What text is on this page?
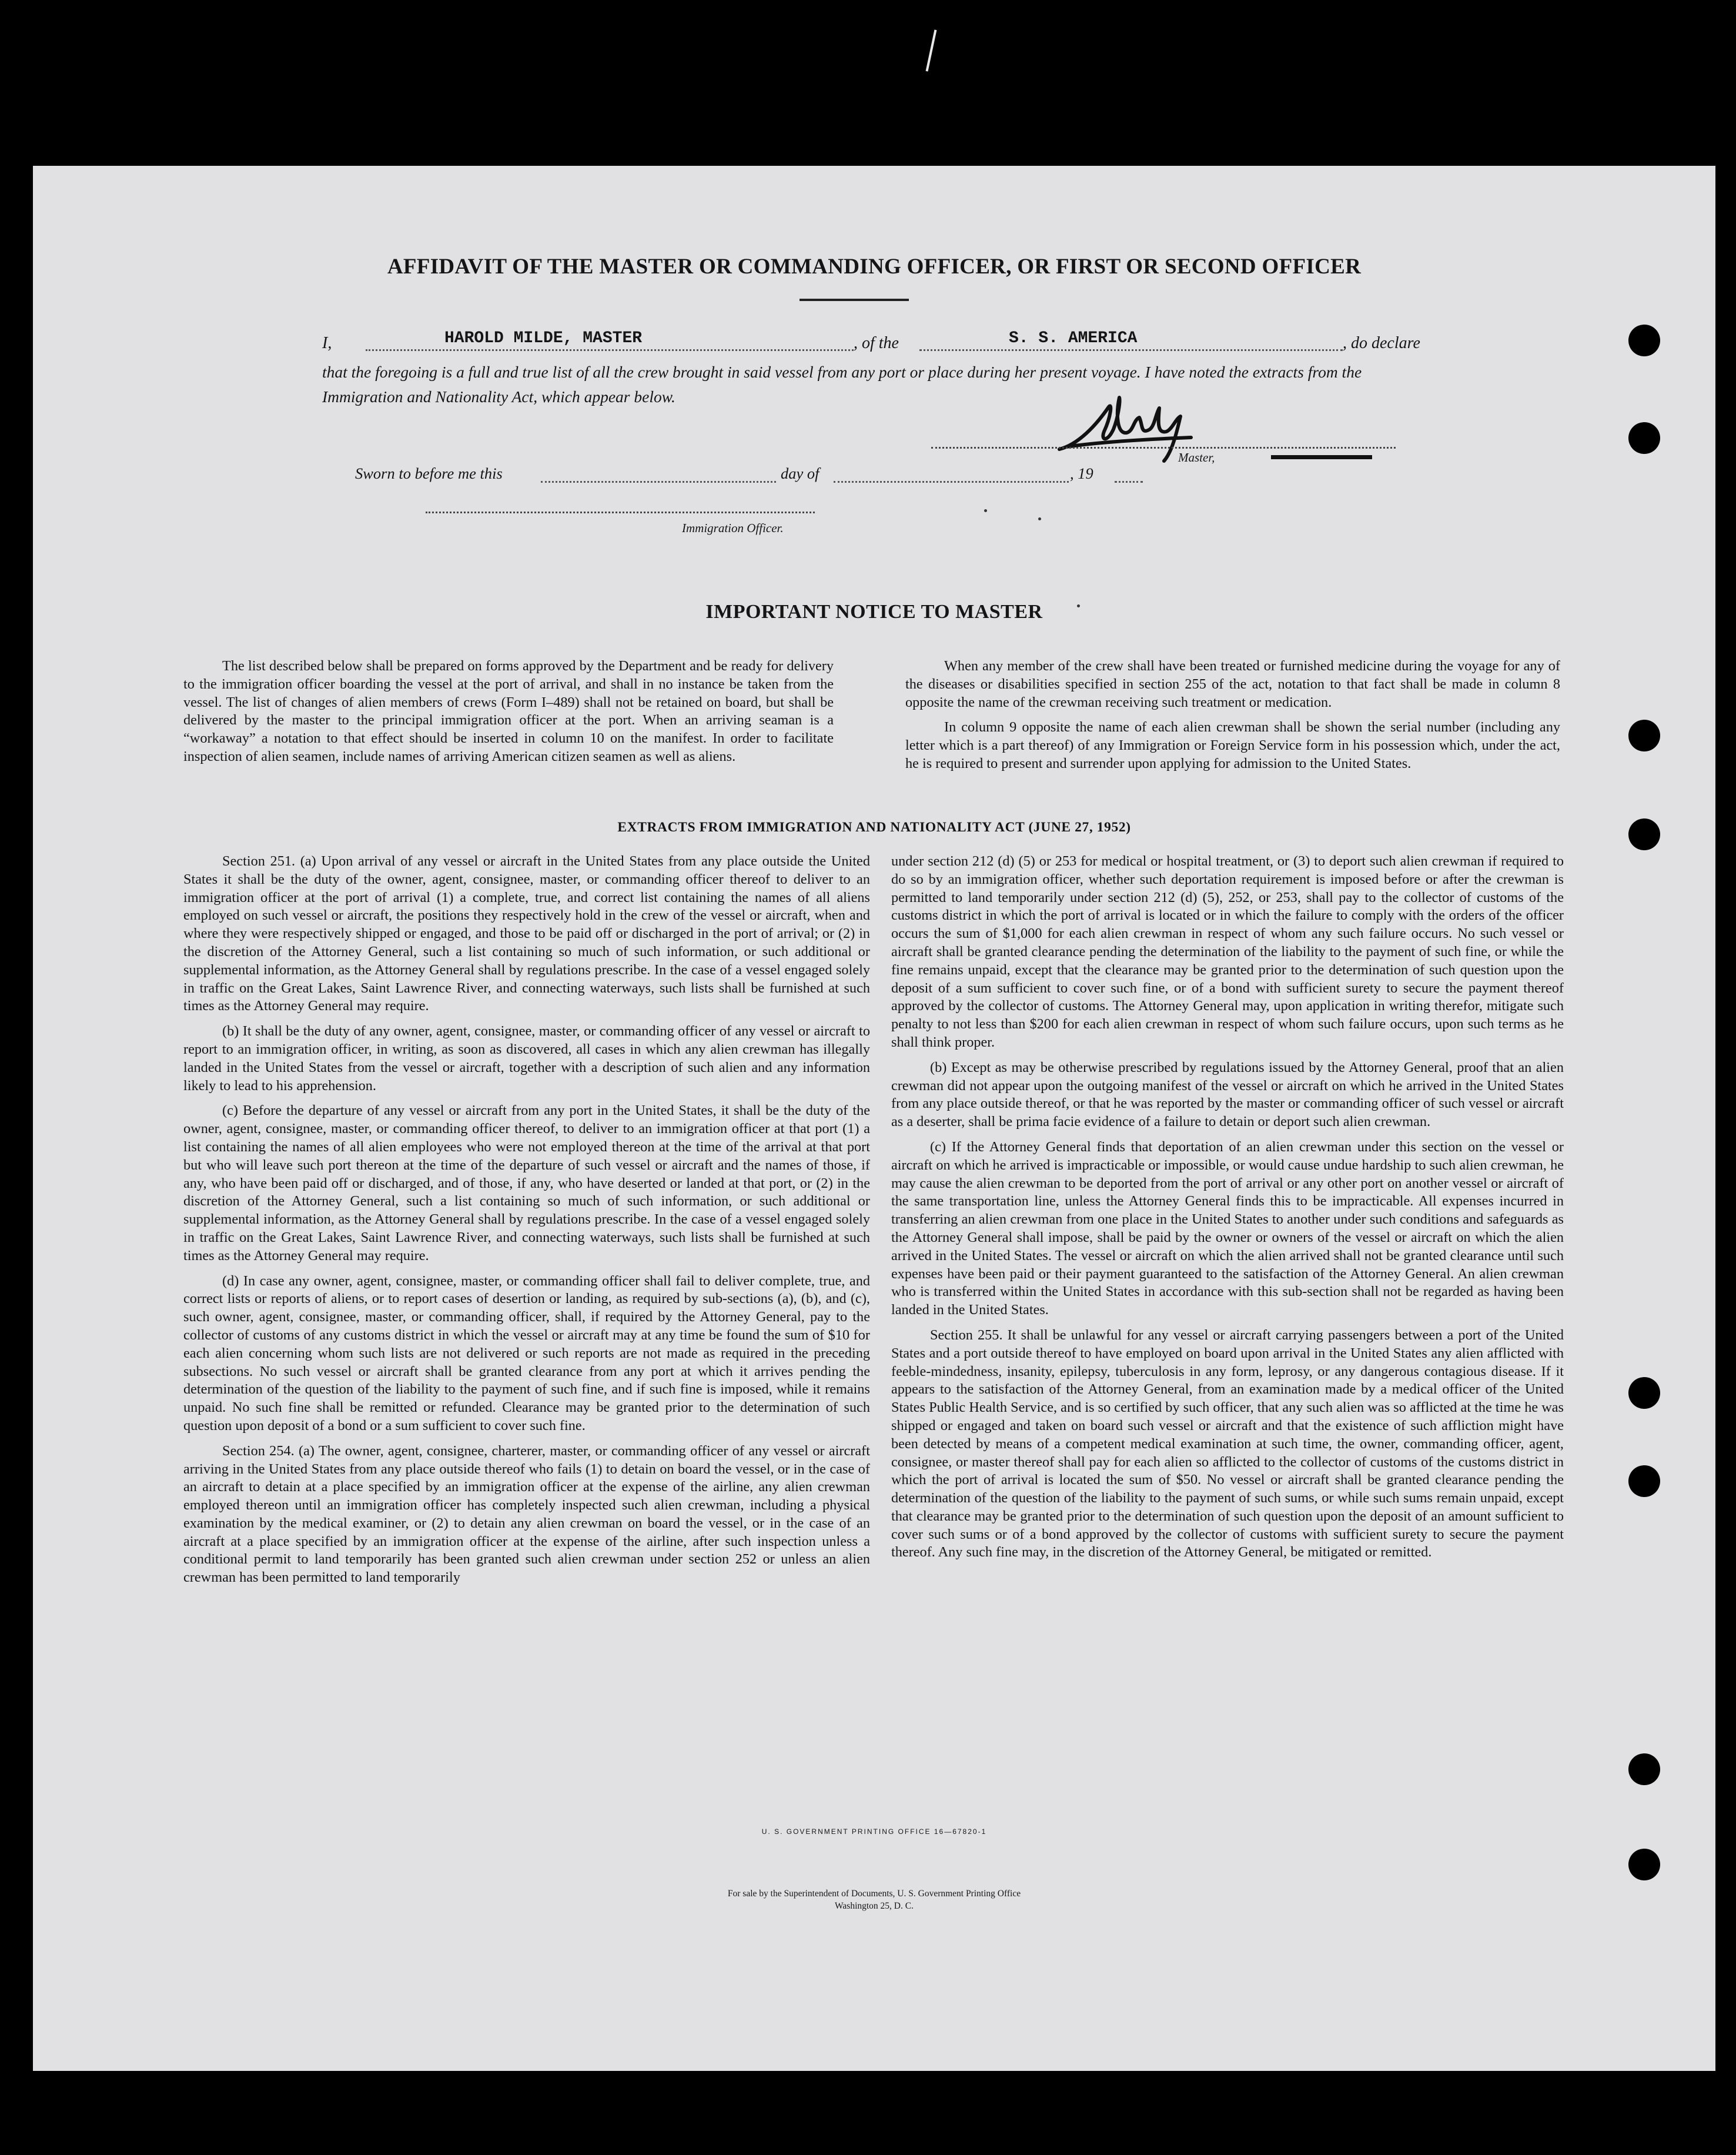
AFFIDAVIT OF THE MASTER OR COMMANDING OFFICER, OR FIRST OR SECOND OFFICER
I,	HAROLD MILDE, MASTER	, of the	S. S. AMERICA	, do declare
that the foregoing is a full and true list of all the crew brought in said vessel from any port or place during her present voyage. I have noted the extracts from the Immigration and Nationality Act, which appear below.
Master,
Sworn to before me this	day of	, 19
Immigration Officer.
IMPORTANT NOTICE TO MASTER

The list described below shall be prepared on forms approved by the Department and be ready for delivery to the immigration officer boarding the vessel at the port of arrival, and shall in no instance be taken from the vessel. The list of changes of alien members of crews (Form I–489) shall not be retained on board, but shall be delivered by the master to the principal immigration officer at the port. When an arriving seaman is a “workaway” a notation to that effect should be inserted in column 10 on the manifest. In order to facilitate inspection of alien seamen, include names of arriving American citizen seamen as well as aliens.

When any member of the crew shall have been treated or furnished medicine during the voyage for any of the diseases or disabilities specified in section 255 of the act, notation to that fact shall be made in column 8 opposite the name of the crewman receiving such treatment or medication.

In column 9 opposite the name of each alien crewman shall be shown the serial number (including any letter which is a part thereof) of any Immigration or Foreign Service form in his possession which, under the act, he is required to present and surrender upon applying for admission to the United States.

EXTRACTS FROM IMMIGRATION AND NATIONALITY ACT (JUNE 27, 1952)

Section 251. (a) Upon arrival of any vessel or aircraft in the United States from any place outside the United States it shall be the duty of the owner, agent, consignee, master, or commanding officer thereof to deliver to an immigration officer at the port of arrival (1) a complete, true, and correct list containing the names of all aliens employed on such vessel or aircraft, the positions they respectively hold in the crew of the vessel or aircraft, when and where they were respectively shipped or engaged, and those to be paid off or discharged in the port of arrival; or (2) in the discretion of the Attorney General, such a list containing so much of such information, or such additional or supplemental information, as the Attorney General shall by regulations prescribe. In the case of a vessel engaged solely in traffic on the Great Lakes, Saint Lawrence River, and connecting waterways, such lists shall be furnished at such times as the Attorney General may require.

(b) It shall be the duty of any owner, agent, consignee, master, or commanding officer of any vessel or aircraft to report to an immigration officer, in writing, as soon as discovered, all cases in which any alien crewman has illegally landed in the United States from the vessel or aircraft, together with a description of such alien and any information likely to lead to his apprehension.

(c) Before the departure of any vessel or aircraft from any port in the United States, it shall be the duty of the owner, agent, consignee, master, or commanding officer thereof, to deliver to an immigration officer at that port (1) a list containing the names of all alien employees who were not employed thereon at the time of the arrival at that port but who will leave such port thereon at the time of the departure of such vessel or aircraft and the names of those, if any, who have been paid off or discharged, and of those, if any, who have deserted or landed at that port, or (2) in the discretion of the Attorney General, such a list containing so much of such information, or such additional or supplemental information, as the Attorney General shall by regulations prescribe. In the case of a vessel engaged solely in traffic on the Great Lakes, Saint Lawrence River, and connecting waterways, such lists shall be furnished at such times as the Attorney General may require.

(d) In case any owner, agent, consignee, master, or commanding officer shall fail to deliver complete, true, and correct lists or reports of aliens, or to report cases of desertion or landing, as required by sub-sections (a), (b), and (c), such owner, agent, consignee, master, or commanding officer, shall, if required by the Attorney General, pay to the collector of customs of any customs district in which the vessel or aircraft may at any time be found the sum of $10 for each alien concerning whom such lists are not delivered or such reports are not made as required in the preceding subsections. No such vessel or aircraft shall be granted clearance from any port at which it arrives pending the determination of the question of the liability to the payment of such fine, and if such fine is imposed, while it remains unpaid. No such fine shall be remitted or refunded. Clearance may be granted prior to the determination of such question upon deposit of a bond or a sum sufficient to cover such fine.

Section 254. (a) The owner, agent, consignee, charterer, master, or commanding officer of any vessel or aircraft arriving in the United States from any place outside thereof who fails (1) to detain on board the vessel, or in the case of an aircraft to detain at a place specified by an immigration officer at the expense of the airline, any alien crewman employed thereon until an immigration officer has completely inspected such alien crewman, including a physical examination by the medical examiner, or (2) to detain any alien crewman on board the vessel, or in the case of an aircraft at a place specified by an immigration officer at the expense of the airline, after such inspection unless a conditional permit to land temporarily has been granted such alien crewman under section 252 or unless an alien crewman has been permitted to land temporarily

under section 212 (d) (5) or 253 for medical or hospital treatment, or (3) to deport such alien crewman if required to do so by an immigration officer, whether such deportation requirement is imposed before or after the crewman is permitted to land temporarily under section 212 (d) (5), 252, or 253, shall pay to the collector of customs of the customs district in which the port of arrival is located or in which the failure to comply with the orders of the officer occurs the sum of $1,000 for each alien crewman in respect of whom any such failure occurs. No such vessel or aircraft shall be granted clearance pending the determination of the liability to the payment of such fine, or while the fine remains unpaid, except that the clearance may be granted prior to the determination of such question upon the deposit of a sum sufficient to cover such fine, or of a bond with sufficient surety to secure the payment thereof approved by the collector of customs. The Attorney General may, upon application in writing therefor, mitigate such penalty to not less than $200 for each alien crewman in respect of whom such failure occurs, upon such terms as he shall think proper.

(b) Except as may be otherwise prescribed by regulations issued by the Attorney General, proof that an alien crewman did not appear upon the outgoing manifest of the vessel or aircraft on which he arrived in the United States from any place outside thereof, or that he was reported by the master or commanding officer of such vessel or aircraft as a deserter, shall be prima facie evidence of a failure to detain or deport such alien crewman.

(c) If the Attorney General finds that deportation of an alien crewman under this section on the vessel or aircraft on which he arrived is impracticable or impossible, or would cause undue hardship to such alien crewman, he may cause the alien crewman to be deported from the port of arrival or any other port on another vessel or aircraft of the same transportation line, unless the Attorney General finds this to be impracticable. All expenses incurred in transferring an alien crewman from one place in the United States to another under such conditions and safeguards as the Attorney General shall impose, shall be paid by the owner or owners of the vessel or aircraft on which the alien arrived in the United States. The vessel or aircraft on which the alien arrived shall not be granted clearance until such expenses have been paid or their payment guaranteed to the satisfaction of the Attorney General. An alien crewman who is transferred within the United States in accordance with this sub-section shall not be regarded as having been landed in the United States.

Section 255. It shall be unlawful for any vessel or aircraft carrying passengers between a port of the United States and a port outside thereof to have employed on board upon arrival in the United States any alien afflicted with feeble-mindedness, insanity, epilepsy, tuberculosis in any form, leprosy, or any dangerous contagious disease. If it appears to the satisfaction of the Attorney General, from an examination made by a medical officer of the United States Public Health Service, and is so certified by such officer, that any such alien was so afflicted at the time he was shipped or engaged and taken on board such vessel or aircraft and that the existence of such affliction might have been detected by means of a competent medical examination at such time, the owner, commanding officer, agent, consignee, or master thereof shall pay for each alien so afflicted to the collector of customs of the customs district in which the port of arrival is located the sum of $50. No vessel or aircraft shall be granted clearance pending the determination of the question of the liability to the payment of such sums, or while such sums remain unpaid, except that clearance may be granted prior to the determination of such question upon the deposit of an amount sufficient to cover such sums or of a bond approved by the collector of customs with sufficient surety to secure the payment thereof. Any such fine may, in the discretion of the Attorney General, be mitigated or remitted.

U. S. GOVERNMENT PRINTING OFFICE 16—67820-1
For sale by the Superintendent of Documents, U. S. Government Printing Office
Washington 25, D. C.
